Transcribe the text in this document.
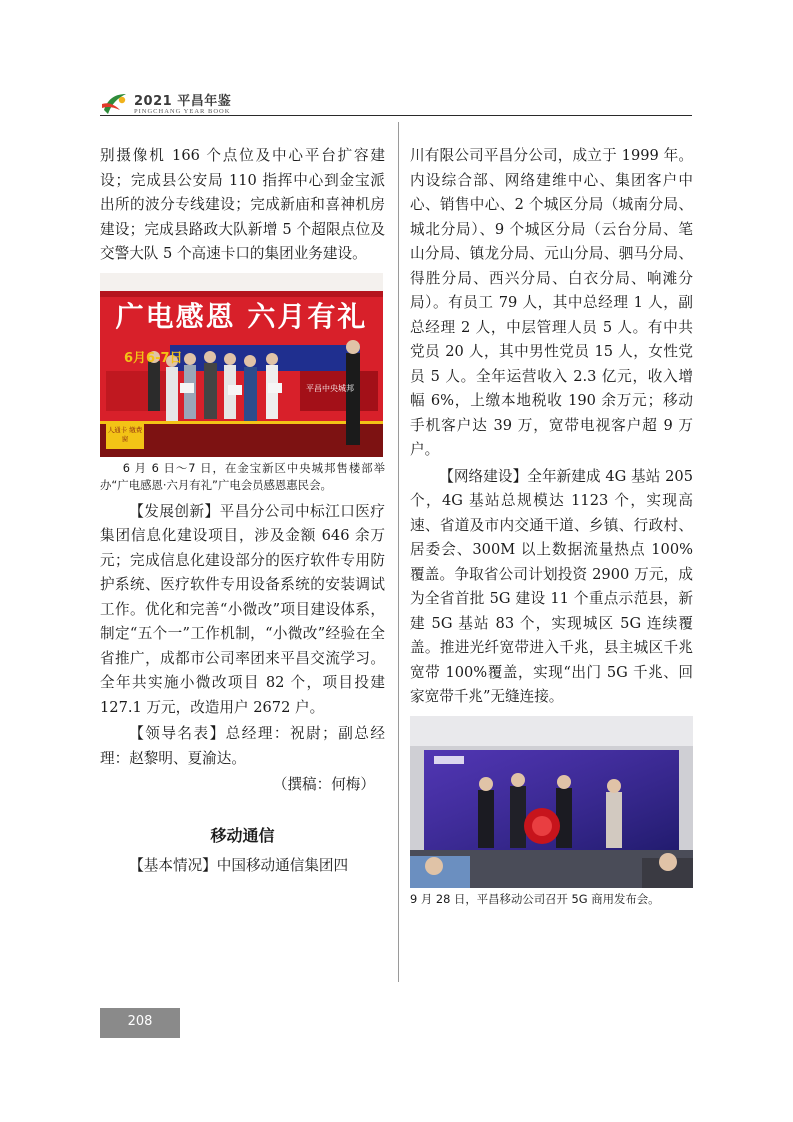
2021 平昌年鉴
PINGCHANG YEAR BOOK

别摄像机 166 个点位及中心平台扩容建设；完成县公安局 110 指挥中心到金宝派出所的波分专线建设；完成新庙和喜神机房建设；完成县路政大队新增 5 个超限点位及交警大队 5 个高速卡口的集团业务建设。

广电感恩 六月有礼
6月6-7日
平昌中央城邦
人通卡 缴费窗

6 月 6 日～7 日，在金宝新区中央城邦售楼部举办“广电感恩·六月有礼”广电会员感恩惠民会。

【发展创新】平昌分公司中标江口医疗集团信息化建设项目，涉及金额 646 余万元；完成信息化建设部分的医疗软件专用防护系统、医疗软件专用设备系统的安装调试工作。优化和完善“小微改”项目建设体系，制定“五个一”工作机制，“小微改”经验在全省推广，成都市公司率团来平昌交流学习。全年共实施小微改项目 82 个，项目投建 127.1 万元，改造用户 2672 户。

【领导名表】总经理：祝尉；副总经理：赵黎明、夏渝达。

（撰稿：何梅）

移动通信

【基本情况】中国移动通信集团四

川有限公司平昌分公司，成立于 1999 年。内设综合部、网络建维中心、集团客户中心、销售中心、2 个城区分局（城南分局、城北分局）、9 个城区分局（云台分局、笔山分局、镇龙分局、元山分局、驷马分局、得胜分局、西兴分局、白衣分局、响滩分局）。有员工 79 人，其中总经理 1 人，副总经理 2 人，中层管理人员 5 人。有中共党员 20 人，其中男性党员 15 人，女性党员 5 人。全年运营收入 2.3 亿元，收入增幅 6%，上缴本地税收 190 余万元；移动手机客户达 39 万，宽带电视客户超 9 万户。

【网络建设】全年新建成 4G 基站 205 个，4G 基站总规模达 1123 个，实现高速、省道及市内交通干道、乡镇、行政村、居委会、300M 以上数据流量热点 100%覆盖。争取省公司计划投资 2900 万元，成为全省首批 5G 建设 11 个重点示范县，新建 5G 基站 83 个，实现城区 5G 连续覆盖。推进光纤宽带进入千兆，县主城区千兆宽带 100%覆盖，实现“出门 5G 千兆、回家宽带千兆”无缝连接。

9 月 28 日，平昌移动公司召开 5G 商用发布会。

208
